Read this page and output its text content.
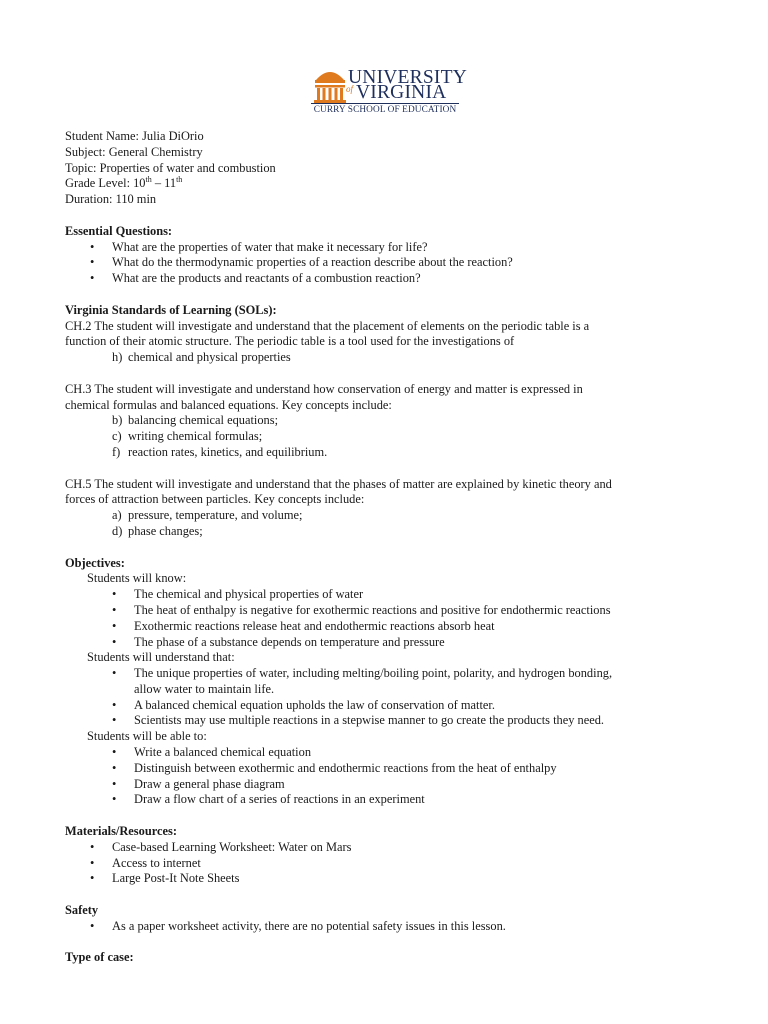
UNIVERSITY
of VIRGINIA
CURRY SCHOOL OF EDUCATION

Student Name: Julia DiOrio

Subject: General Chemistry

Topic: Properties of water and combustion

Grade Level: 10th – 11th

Duration: 110 min

Essential Questions:

• What are the properties of water that make it necessary for life?
• What do the thermodynamic properties of a reaction describe about the reaction?
• What are the products and reactants of a combustion reaction?

Virginia Standards of Learning (SOLs):

CH.2 The student will investigate and understand that the placement of elements on the periodic table is a

function of their atomic structure. The periodic table is a tool used for the investigations of

h) chemical and physical properties

CH.3 The student will investigate and understand how conservation of energy and matter is expressed in

chemical formulas and balanced equations. Key concepts include:

b) balancing chemical equations;
c) writing chemical formulas;
f) reaction rates, kinetics, and equilibrium.

CH.5 The student will investigate and understand that the phases of matter are explained by kinetic theory and

forces of attraction between particles. Key concepts include:

a) pressure, temperature, and volume;
d) phase changes;

Objectives:

Students will know:

• The chemical and physical properties of water
• The heat of enthalpy is negative for exothermic reactions and positive for endothermic reactions
• Exothermic reactions release heat and endothermic reactions absorb heat
• The phase of a substance depends on temperature and pressure

Students will understand that:

• The unique properties of water, including melting/boiling point, polarity, and hydrogen bonding,
allow water to maintain life.
• A balanced chemical equation upholds the law of conservation of matter.
• Scientists may use multiple reactions in a stepwise manner to go create the products they need.

Students will be able to:

• Write a balanced chemical equation
• Distinguish between exothermic and endothermic reactions from the heat of enthalpy
• Draw a general phase diagram
• Draw a flow chart of a series of reactions in an experiment

Materials/Resources:

• Case-based Learning Worksheet: Water on Mars
• Access to internet
• Large Post-It Note Sheets

Safety

• As a paper worksheet activity, there are no potential safety issues in this lesson.

Type of case:
